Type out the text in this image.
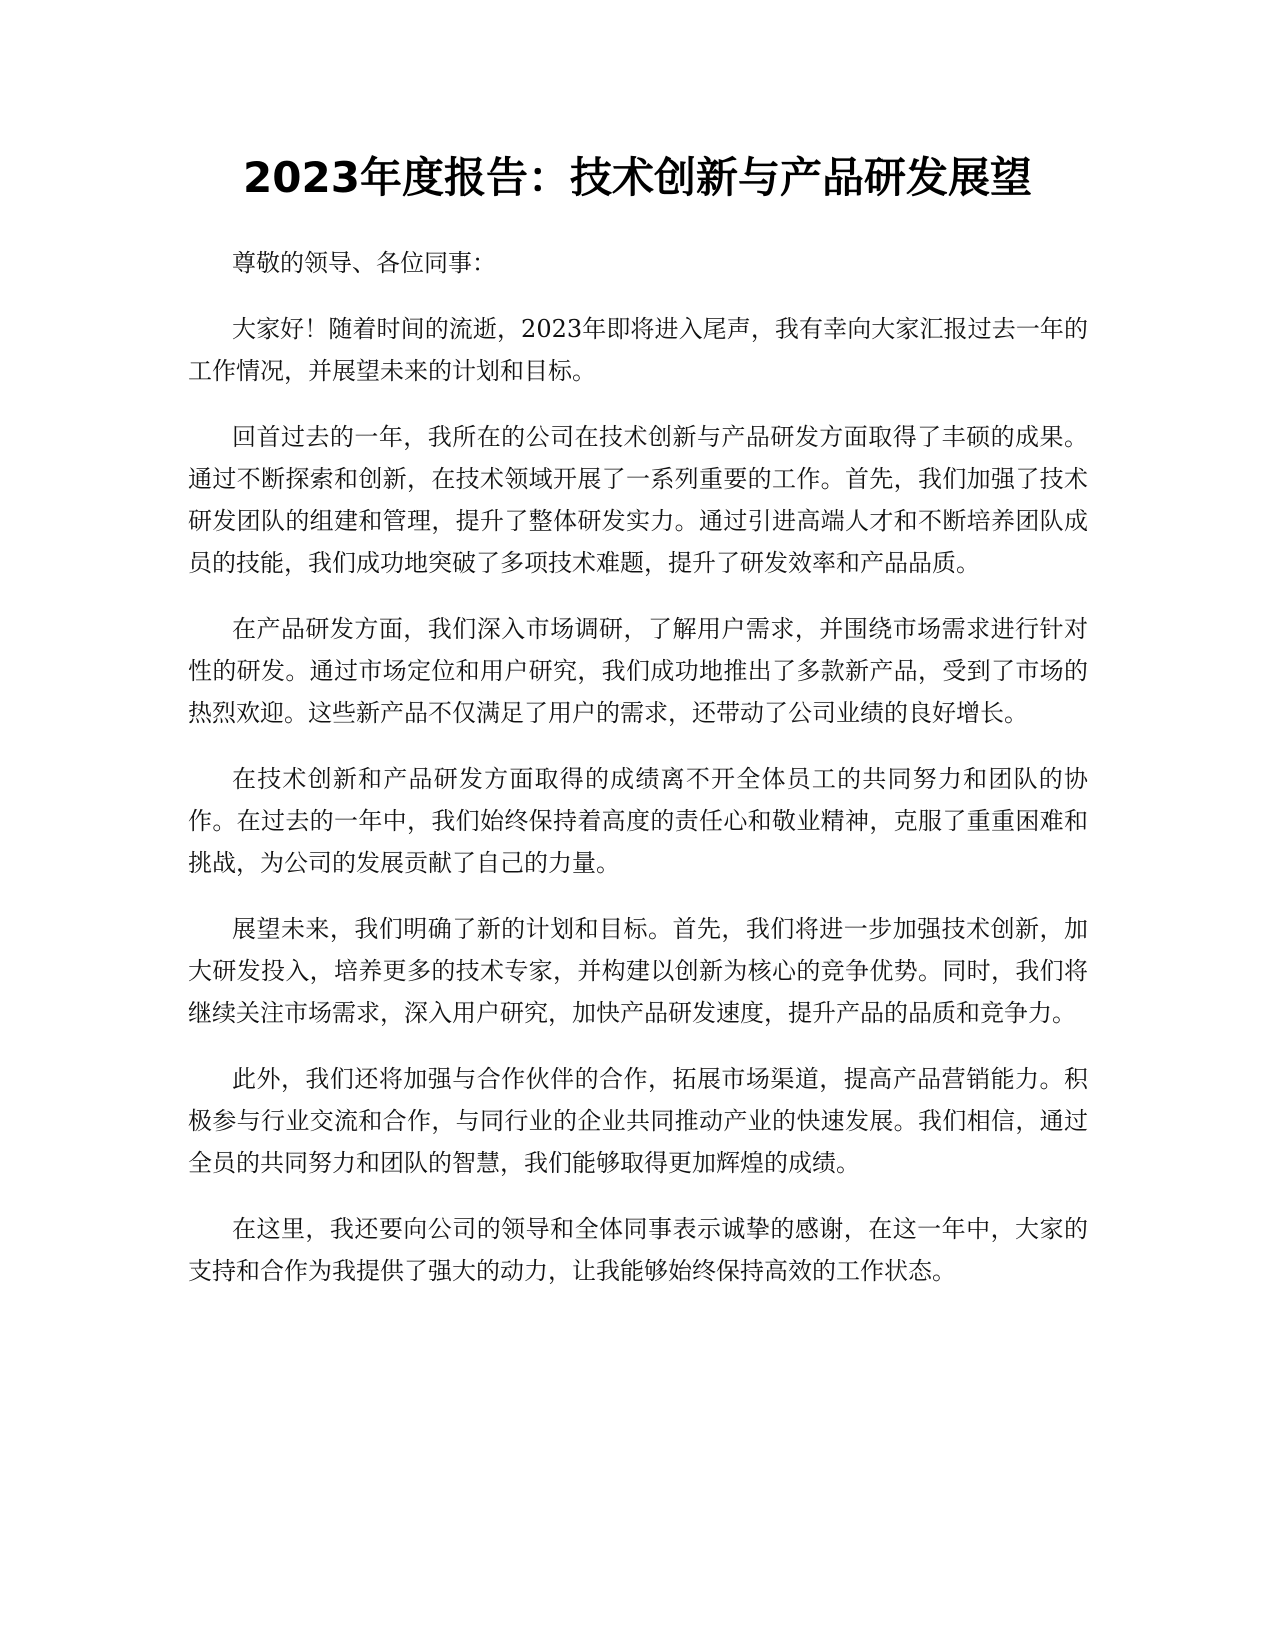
2023年度报告：技术创新与产品研发展望

尊敬的领导、各位同事：

大家好！随着时间的流逝，2023年即将进入尾声，我有幸向大家汇报过去一年的工作情况，并展望未来的计划和目标。

回首过去的一年，我所在的公司在技术创新与产品研发方面取得了丰硕的成果。通过不断探索和创新，在技术领域开展了一系列重要的工作。首先，我们加强了技术研发团队的组建和管理，提升了整体研发实力。通过引进高端人才和不断培养团队成员的技能，我们成功地突破了多项技术难题，提升了研发效率和产品品质。

在产品研发方面，我们深入市场调研，了解用户需求，并围绕市场需求进行针对性的研发。通过市场定位和用户研究，我们成功地推出了多款新产品，受到了市场的热烈欢迎。这些新产品不仅满足了用户的需求，还带动了公司业绩的良好增长。

在技术创新和产品研发方面取得的成绩离不开全体员工的共同努力和团队的协作。在过去的一年中，我们始终保持着高度的责任心和敬业精神，克服了重重困难和挑战，为公司的发展贡献了自己的力量。

展望未来，我们明确了新的计划和目标。首先，我们将进一步加强技术创新，加大研发投入，培养更多的技术专家，并构建以创新为核心的竞争优势。同时，我们将继续关注市场需求，深入用户研究，加快产品研发速度，提升产品的品质和竞争力。

此外，我们还将加强与合作伙伴的合作，拓展市场渠道，提高产品营销能力。积极参与行业交流和合作，与同行业的企业共同推动产业的快速发展。我们相信，通过全员的共同努力和团队的智慧，我们能够取得更加辉煌的成绩。

在这里，我还要向公司的领导和全体同事表示诚挚的感谢，在这一年中，大家的支持和合作为我提供了强大的动力，让我能够始终保持高效的工作状态。
